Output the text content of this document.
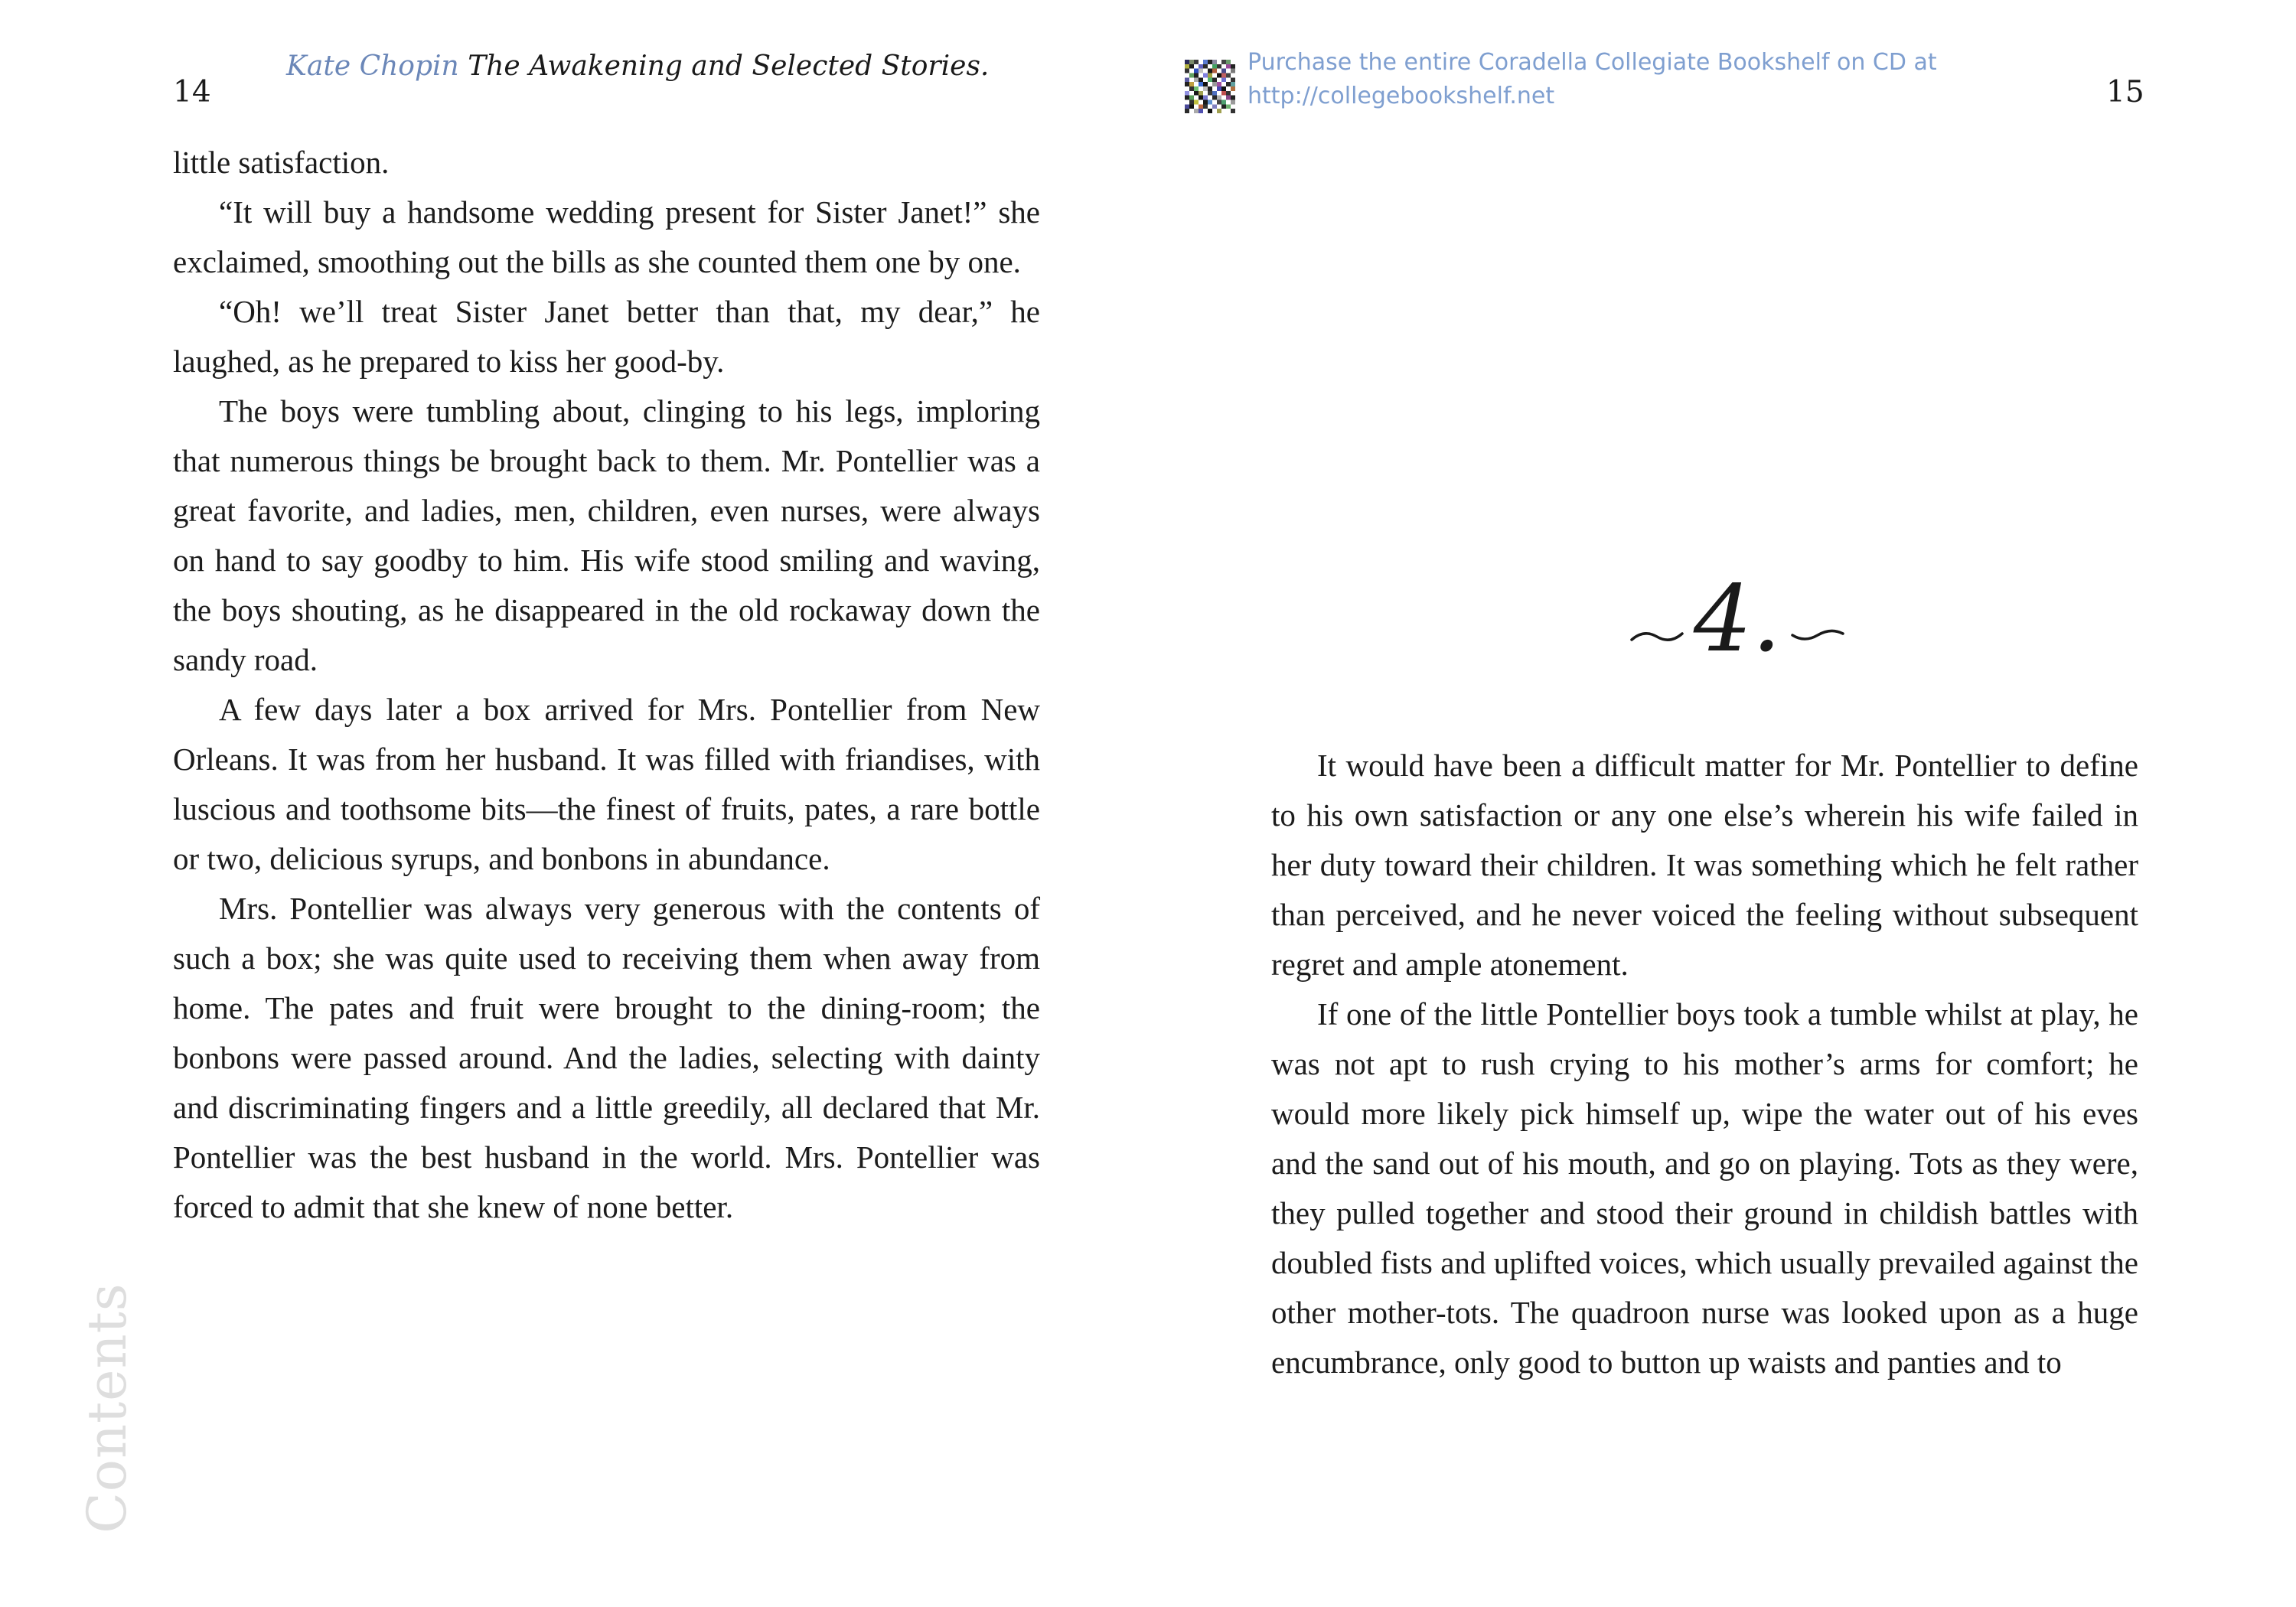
14
Kate Chopin The Awakening and Selected Stories.	Purchase the entire Coradella Collegiate Bookshelf on CD at
http://collegebookshelf.net	15

little satisfaction.

“It will buy a handsome wedding present for Sister Janet!” she exclaimed, smoothing out the bills as she counted them one by one.

“Oh! we’ll treat Sister Janet better than that, my dear,” he laughed, as he prepared to kiss her good-by.

The boys were tumbling about, clinging to his legs, imploring that numerous things be brought back to them. Mr. Pontellier was a great favorite, and ladies, men, children, even nurses, were always on hand to say goodby to him. His wife stood smiling and waving, the boys shouting, as he disappeared in the old rockaway down the sandy road.

A few days later a box arrived for Mrs. Pontellier from New Orleans. It was from her husband. It was filled with friandises, with luscious and toothsome bits—the finest of fruits, pates, a rare bottle or two, delicious syrups, and bonbons in abundance.

Mrs. Pontellier was always very generous with the contents of such a box; she was quite used to receiving them when away from home. The pates and fruit were brought to the dining-room; the bonbons were passed around. And the ladies, selecting with dainty and discriminating fingers and a little greedily, all declared that Mr. Pontellier was the best husband in the world. Mrs. Pontellier was forced to admit that she knew of none better.

4.

It would have been a difficult matter for Mr. Pontellier to define to his own satisfaction or any one else’s wherein his wife failed in her duty toward their children. It was something which he felt rather than perceived, and he never voiced the feeling without subsequent regret and ample atonement.

If one of the little Pontellier boys took a tumble whilst at play, he was not apt to rush crying to his mother’s arms for comfort; he would more likely pick himself up, wipe the water out of his eves and the sand out of his mouth, and go on playing. Tots as they were, they pulled together and stood their ground in childish battles with doubled fists and uplifted voices, which usually prevailed against the other mother-tots. The quadroon nurse was looked upon as a huge encumbrance, only good to button up waists and panties and to

Contents
